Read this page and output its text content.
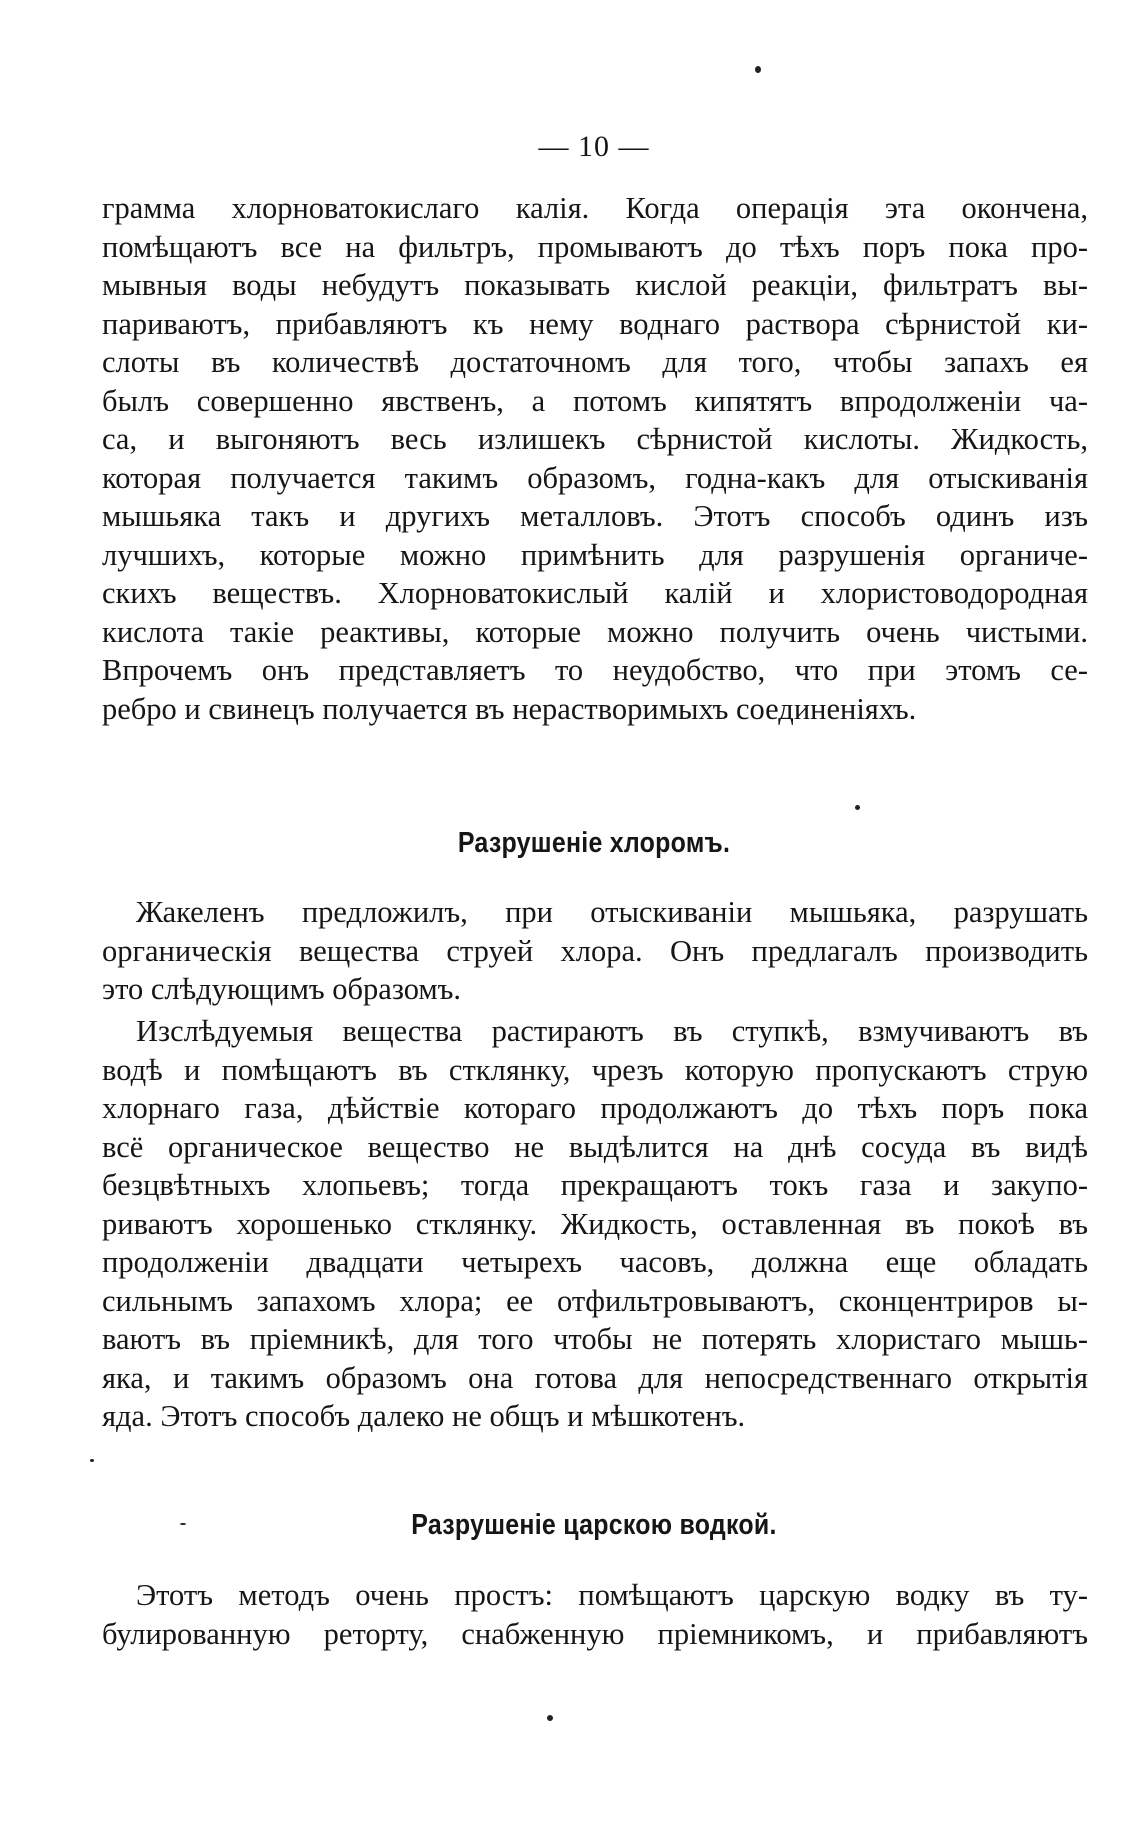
— 10 —
грамма хлорноватокислаго калія. Когда операція эта окончена,
помѣщаютъ все на фильтръ, промываютъ до тѣхъ поръ пока про-
мывныя воды небудутъ показывать кислой реакціи, фильтратъ вы-
париваютъ, прибавляютъ къ нему воднаго раствора сѣрнистой ки-
слоты въ количествѣ достаточномъ для того, чтобы запахъ ея
былъ совершенно явственъ, а потомъ кипятятъ впродолженіи ча-
са, и выгоняютъ весь излишекъ сѣрнистой кислоты. Жидкость,
которая получается такимъ образомъ, годна-какъ для отыскиванія
мышьяка такъ и другихъ металловъ. Этотъ способъ одинъ изъ
лучшихъ, которые можно примѣнить для разрушенія органиче-
скихъ веществъ. Хлорноватокислый калій и хлористоводородная
кислота такіе реактивы, которые можно получить очень чистыми.
Впрочемъ онъ представляетъ то неудобство, что при этомъ се-
ребро и свинецъ получается въ нерастворимыхъ соединеніяхъ.
Разрушеніе хлоромъ.
Жакеленъ предложилъ, при отыскиваніи мышьяка, разрушать
органическія вещества струей хлора. Онъ предлагалъ производить
это слѣдующимъ образомъ.
Изслѣдуемыя вещества растираютъ въ ступкѣ, взмучиваютъ въ
водѣ и помѣщаютъ въ стклянку, чрезъ которую пропускаютъ струю
хлорнаго газа, дѣйствіе котораго продолжаютъ до тѣхъ поръ пока
всё органическое вещество не выдѣлится на днѣ сосуда въ видѣ
безцвѣтныхъ хлопьевъ; тогда прекращаютъ токъ газа и закупо-
риваютъ хорошенько стклянку. Жидкость, оставленная въ покоѣ въ
продолженіи двадцати четырехъ часовъ, должна еще обладать
сильнымъ запахомъ хлора; ее отфильтровываютъ, сконцентриров ы-
ваютъ въ пріемникѣ, для того чтобы не потерять хлористаго мышь-
яка, и такимъ образомъ она готова для непосредственнаго открытія
яда. Этотъ способъ далеко не общъ и мѣшкотенъ.
Разрушеніе царскою водкой.
Этотъ методъ очень простъ: помѣщаютъ царскую водку въ ту-
булированную реторту, снабженную пріемникомъ, и прибавляютъ
